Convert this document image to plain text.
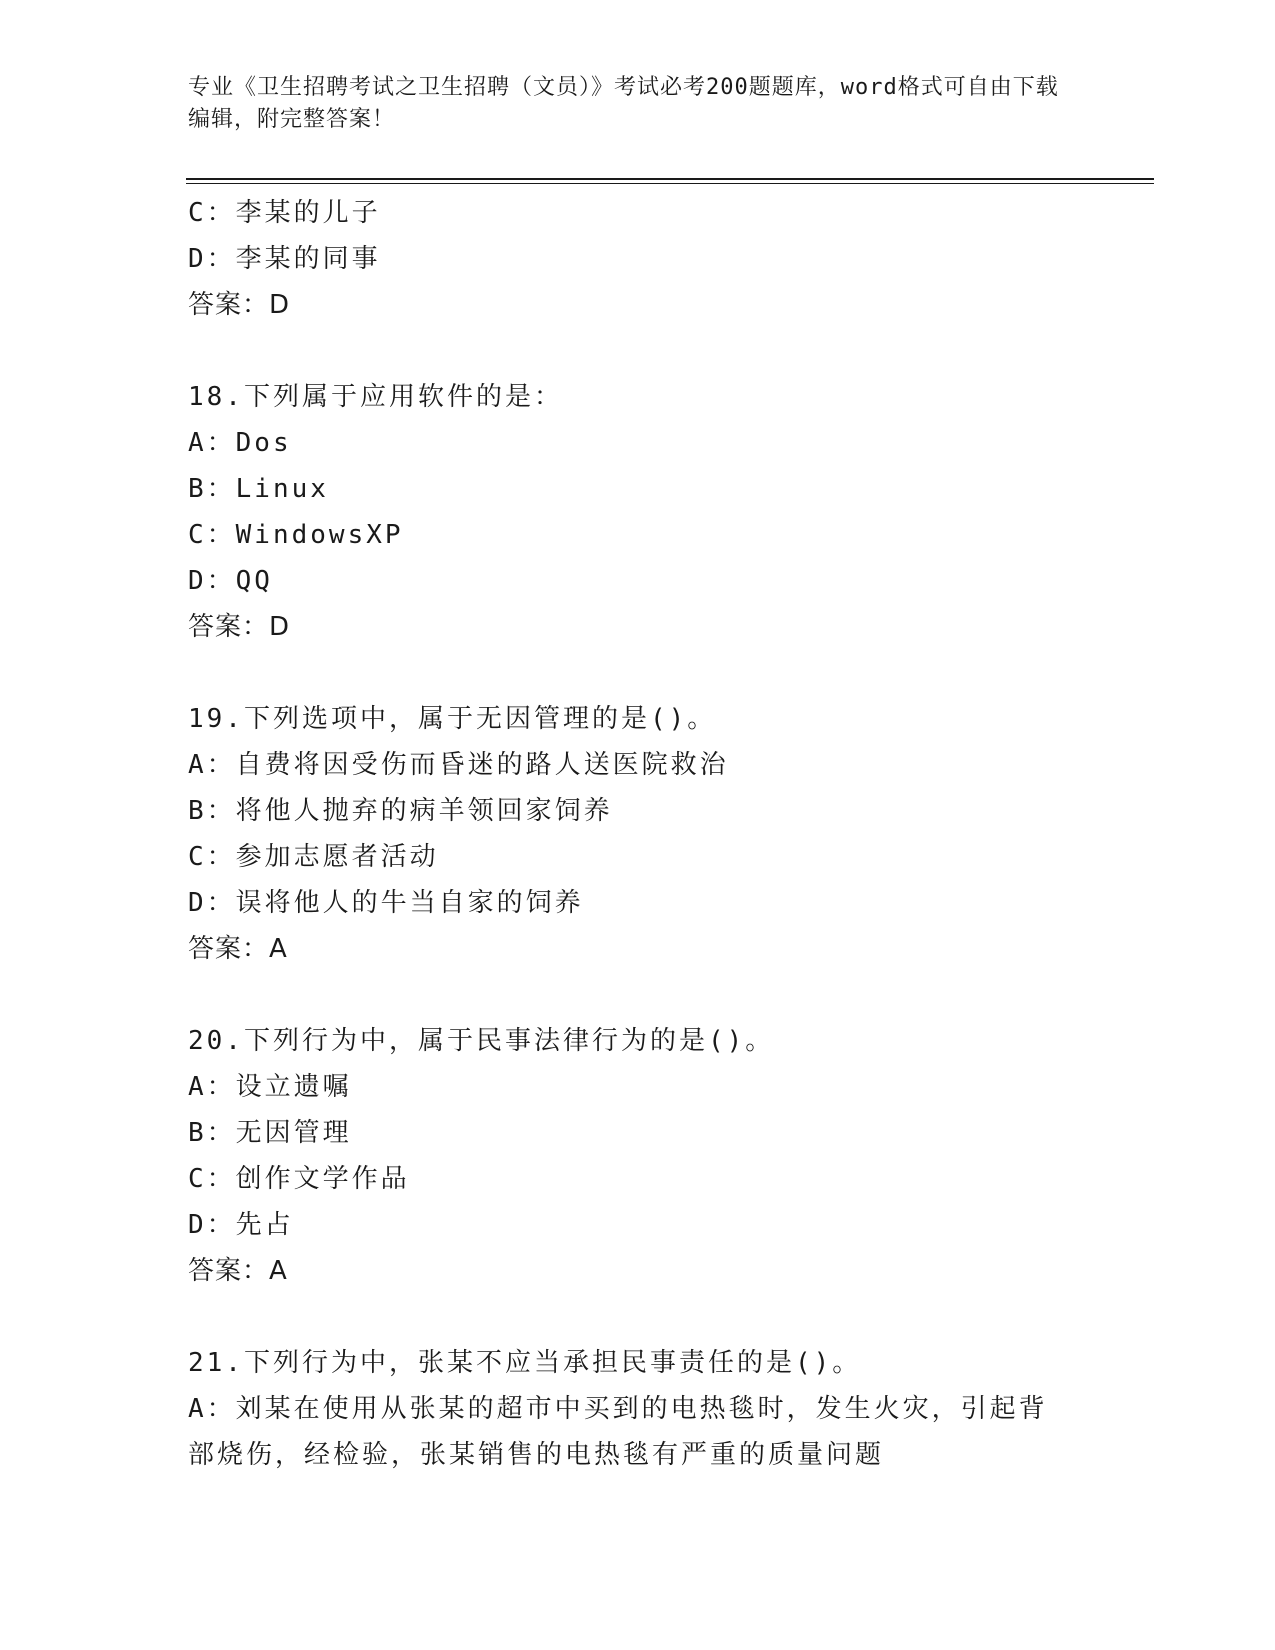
专业《卫生招聘考试之卫生招聘（文员）》考试必考200题题库，word格式可自由下载编辑，附完整答案！
C：李某的儿子
D：李某的同事
答案：D
18.下列属于应用软件的是：
A：Dos
B：Linux
C：WindowsXP
D：QQ
答案：D
19.下列选项中，属于无因管理的是()。
A：自费将因受伤而昏迷的路人送医院救治
B：将他人抛弃的病羊领回家饲养
C：参加志愿者活动
D：误将他人的牛当自家的饲养
答案：A
20.下列行为中，属于民事法律行为的是()。
A：设立遗嘱
B：无因管理
C：创作文学作品
D：先占
答案：A
21.下列行为中，张某不应当承担民事责任的是()。
A：刘某在使用从张某的超市中买到的电热毯时，发生火灾，引起背部烧伤，经检验，张某销售的电热毯有严重的质量问题
